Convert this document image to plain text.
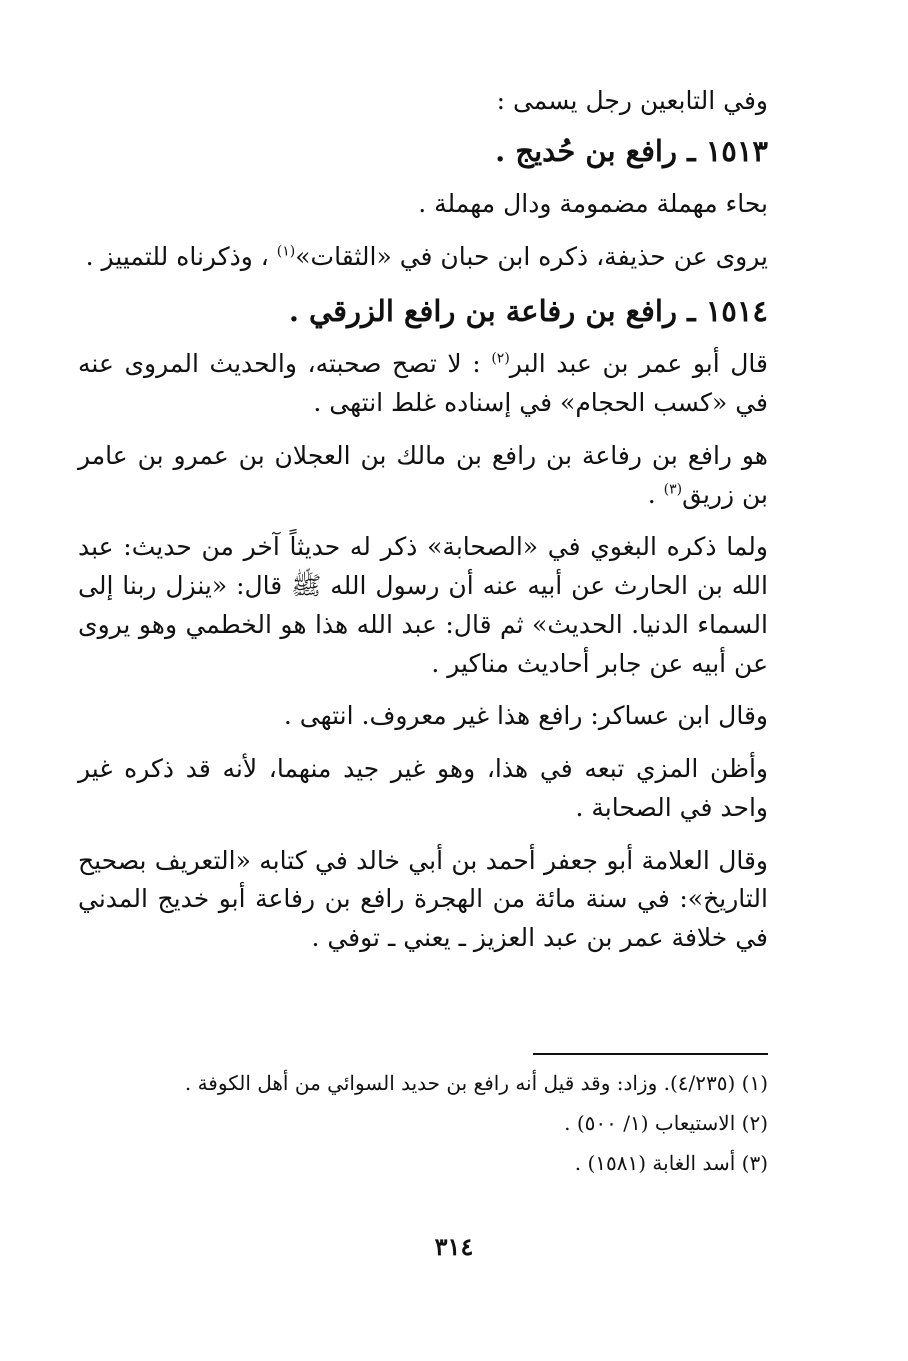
وفي التابعين رجل يسمى :

١٥١٣ ـ رافع بن حُديج .

بحاء مهملة مضمومة ودال مهملة .

يروى عن حذيفة، ذكره ابن حبان في «الثقات»$^{(١)}$ ، وذكرناه للتمييز .

١٥١٤ ـ رافع بن رفاعة بن رافع الزرقي .

قال أبو عمر بن عبد البر$^{(٢)}$ : لا تصح صحبته، والحديث المروى عنه في «كسب الحجام» في إسناده غلط انتهى .

هو رافع بن رفاعة بن رافع بن مالك بن العجلان بن عمرو بن عامر بن زريق$^{(٣)}$ .

ولما ذكره البغوي في «الصحابة» ذكر له حديثاً آخر من حديث: عبد الله بن الحارث عن أبيه عنه أن رسول الله ﷺ قال: «ينزل ربنا إلى السماء الدنيا. الحديث» ثم قال: عبد الله هذا هو الخطمي وهو يروى عن أبيه عن جابر أحاديث مناكير .

وقال ابن عساكر: رافع هذا غير معروف. انتهى .

وأظن المزي تبعه في هذا، وهو غير جيد منهما، لأنه قد ذكره غير واحد في الصحابة .

وقال العلامة أبو جعفر أحمد بن أبي خالد في كتابه «التعريف بصحيح التاريخ»: في سنة مائة من الهجرة رافع بن رفاعة أبو خديج المدني في خلافة عمر بن عبد العزيز ـ يعني ـ توفي .

(١) (٤/٢٣٥). وزاد: وقد قيل أنه رافع بن حديد السوائي من أهل الكوفة .
(٢) الاستيعاب (١/ ٥٠٠) .
(٣) أسد الغابة (١٥٨١) .
٣١٤
